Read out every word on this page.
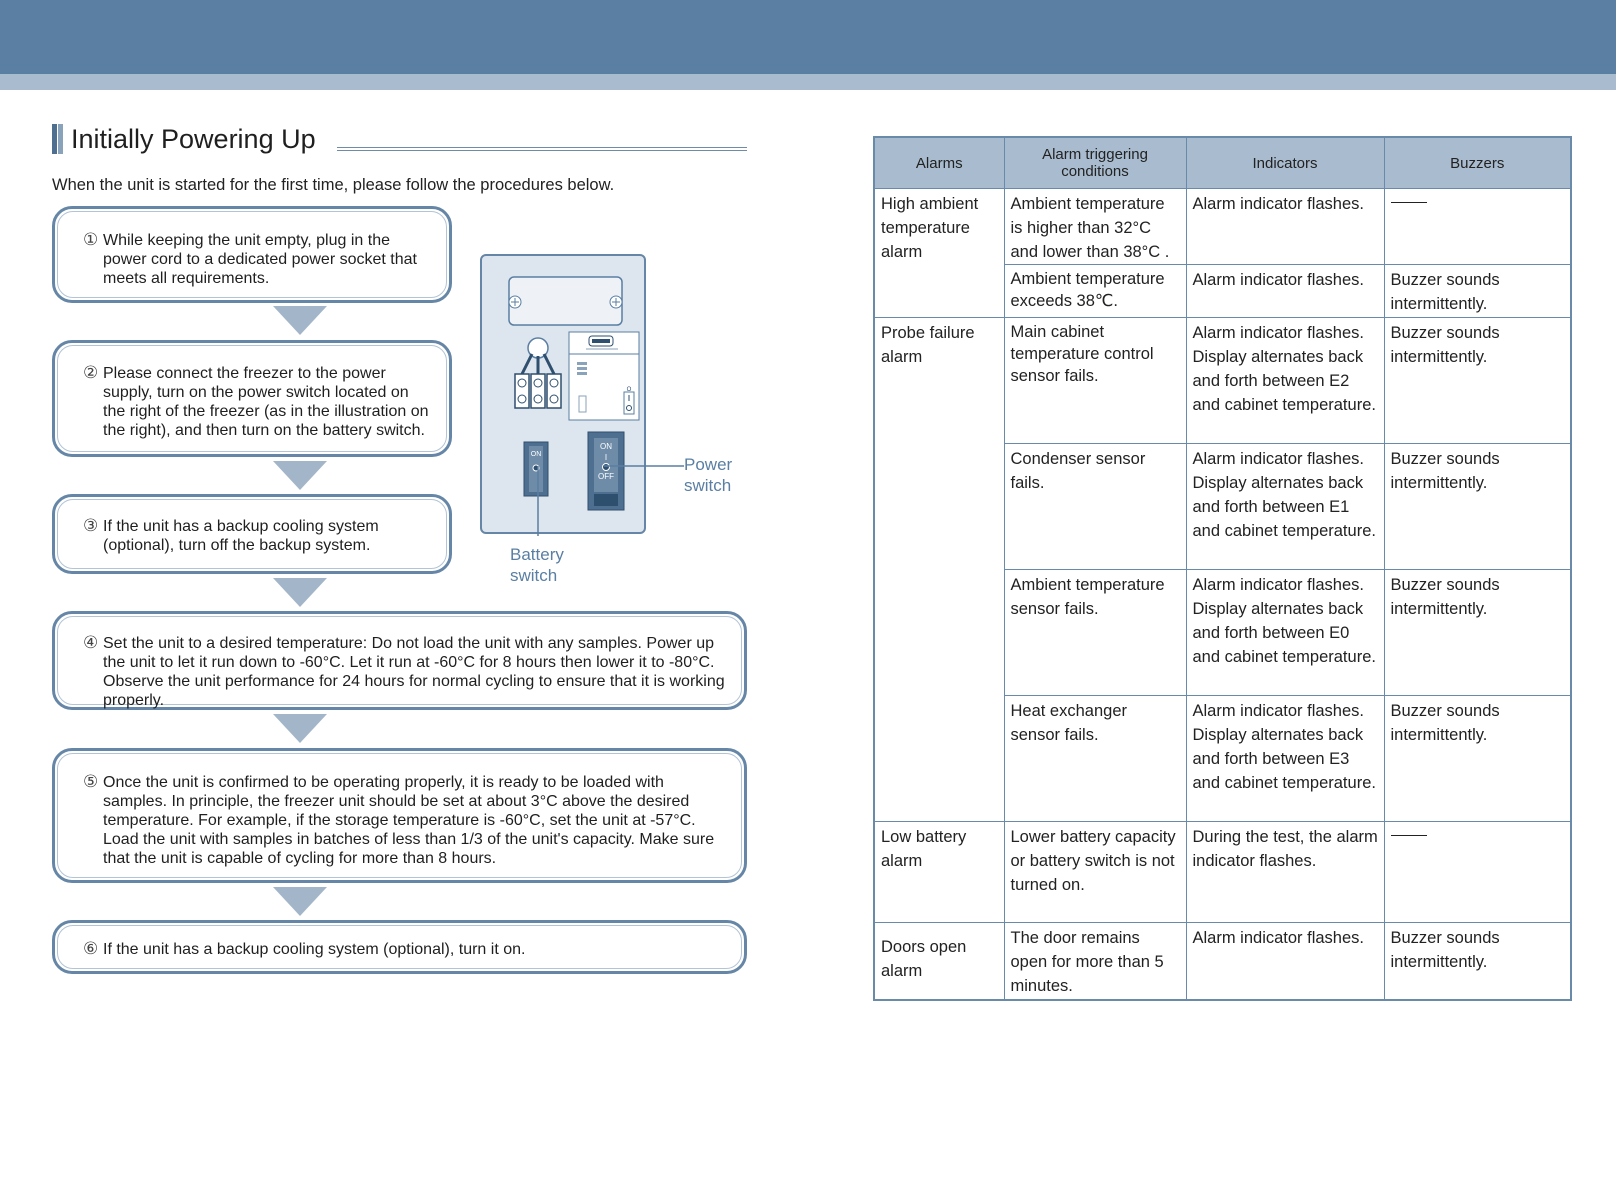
Initially Powering Up
When the unit is started for the first time, please follow the procedures below.
① While keeping the unit empty, plug in the power cord to a dedicated power socket that meets all requirements.
② Please connect the freezer to the power supply, turn on the power switch located on the right of the freezer (as in the illustration on the right), and then turn on the battery switch.
③ If the unit has a backup cooling system (optional), turn off the backup system.
ON
ON
I
OFF
O
Power switch
Battery switch
④ Set the unit to a desired temperature: Do not load the unit with any samples. Power up the unit to let it run down to -60°C. Let it run at -60°C for 8 hours then lower it to -80°C. Observe the unit performance for 24 hours for normal cycling to ensure that it is working properly.
⑤ Once the unit is confirmed to be operating properly, it is ready to be loaded with samples. In principle, the freezer unit should be set at about 3°C above the desired temperature. For example, if the storage temperature is -60°C, set the unit at -57°C. Load the unit with samples in batches of less than 1/3 of the unit's capacity. Make sure that the unit is capable of cycling for more than 8 hours.
⑥ If the unit has a backup cooling system (optional), turn it on.
Alarms	Alarm triggering conditions	Indicators	Buzzers
High ambient temperature alarm	Ambient temperature is higher than 32°C and lower than 38°C .	Alarm indicator flashes.	
	Ambient temperature exceeds 38℃.	Alarm indicator flashes.	Buzzer sounds intermittently.
Probe failure alarm	Main cabinet temperature control sensor fails.	Alarm indicator flashes. Display alternates back and forth between E2 and cabinet temperature.	Buzzer sounds intermittently.
	Condenser sensor fails.	Alarm indicator flashes. Display alternates back and forth between E1 and cabinet temperature.	Buzzer sounds intermittently.
	Ambient temperature sensor fails.	Alarm indicator flashes. Display alternates back and forth between E0 and cabinet temperature.	Buzzer sounds intermittently.
	Heat exchanger sensor fails.	Alarm indicator flashes. Display alternates back and forth between E3 and cabinet temperature.	Buzzer sounds intermittently.
Low battery alarm	Lower battery capacity or battery switch is not turned on.	During the test, the alarm indicator flashes.	
Doors open alarm	The door remains open for more than 5 minutes.	Alarm indicator flashes.	Buzzer sounds intermittently.
